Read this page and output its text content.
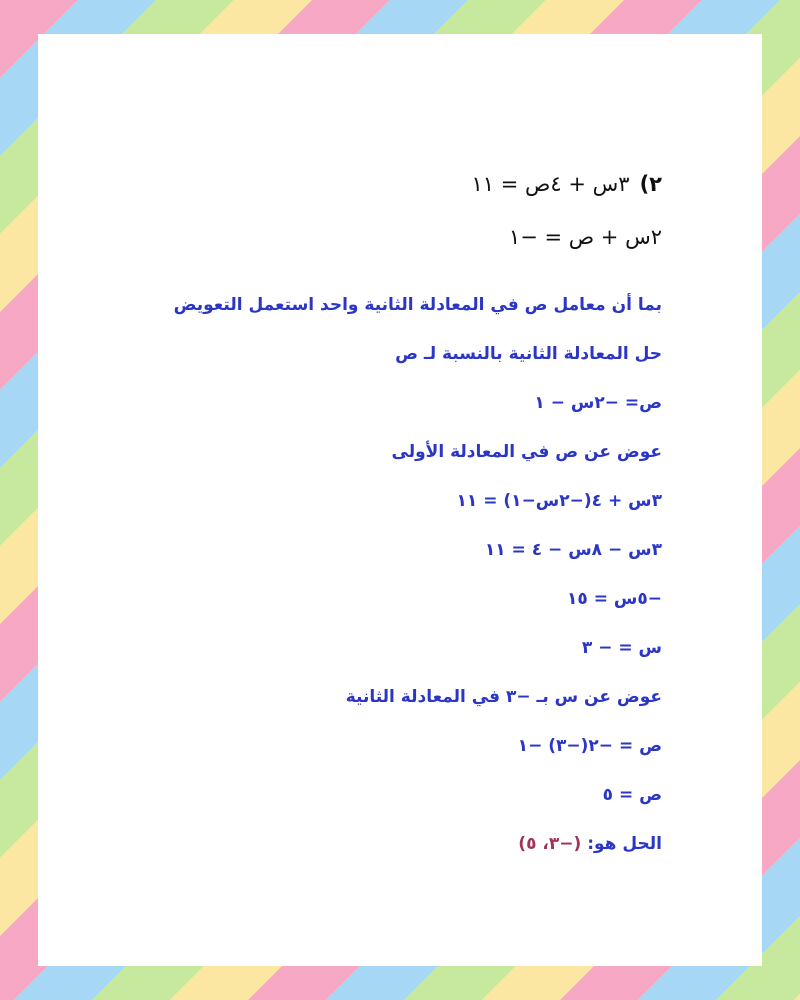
٢)٣س + ٤ص = ١١
٢س + ص = −١
بما أن معامل ص في المعادلة الثانية واحد استعمل التعويض
حل المعادلة الثانية بالنسبة لـ ص
ص= −٢س − ١
عوض عن ص في المعادلة الأولى
٣س + ٤(−٢س−١) = ١١
٣س − ٨س − ٤ = ١١
−٥س = ١٥
س = − ٣
عوض عن س بـ −٣ في المعادلة الثانية
ص = −٢(−٣) −١
ص = ٥
الحل هو: (−٣، ٥)
